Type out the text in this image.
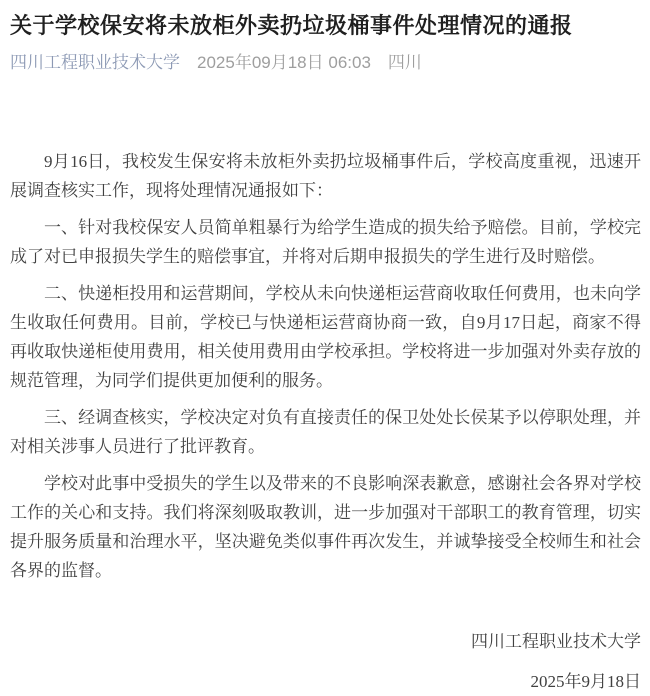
关于学校保安将未放柜外卖扔垃圾桶事件处理情况的通报
四川工程职业技术大学 2025年09月18日 06:03 四川

9月16日，我校发生保安将未放柜外卖扔垃圾桶事件后，学校高度重视，迅速开展调查核实工作，现将处理情况通报如下：

一、针对我校保安人员简单粗暴行为给学生造成的损失给予赔偿。目前，学校完成了对已申报损失学生的赔偿事宜，并将对后期申报损失的学生进行及时赔偿。

二、快递柜投用和运营期间，学校从未向快递柜运营商收取任何费用，也未向学生收取任何费用。目前，学校已与快递柜运营商协商一致，自9月17日起，商家不得再收取快递柜使用费用，相关使用费用由学校承担。学校将进一步加强对外卖存放的规范管理，为同学们提供更加便利的服务。

三、经调查核实，学校决定对负有直接责任的保卫处处长侯某予以停职处理，并对相关涉事人员进行了批评教育。

学校对此事中受损失的学生以及带来的不良影响深表歉意，感谢社会各界对学校工作的关心和支持。我们将深刻吸取教训，进一步加强对干部职工的教育管理，切实提升服务质量和治理水平，坚决避免类似事件再次发生，并诚挚接受全校师生和社会各界的监督。

四川工程职业技术大学
2025年9月18日
